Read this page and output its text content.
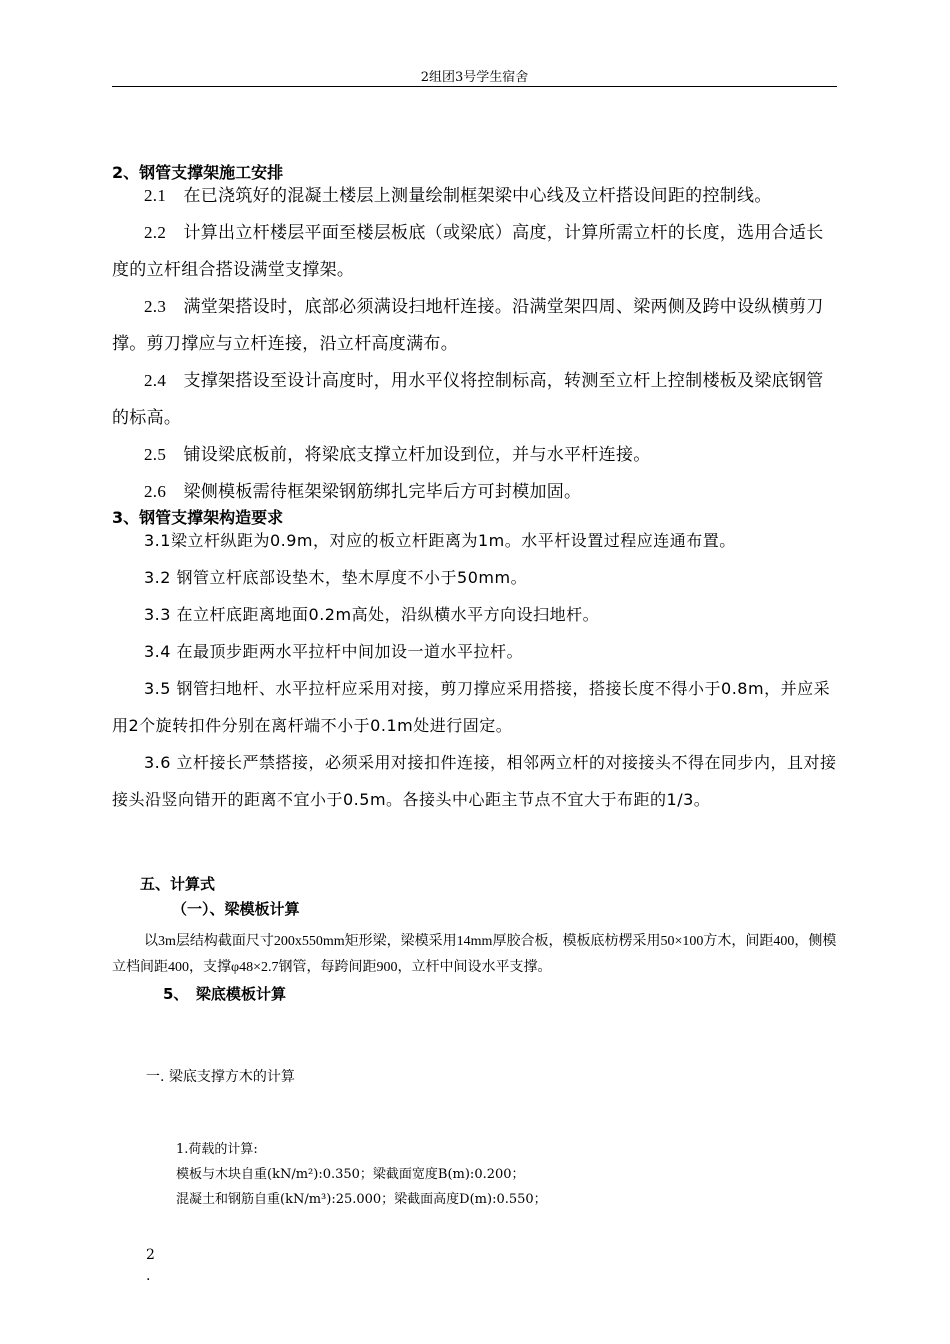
2组团3号学生宿舍
2、钢管支撑架施工安排
2.1　在已浇筑好的混凝土楼层上测量绘制框架梁中心线及立杆搭设间距的控制线。
2.2　计算出立杆楼层平面至楼层板底（或梁底）高度，计算所需立杆的长度，选用合适长度的立杆组合搭设满堂支撑架。
2.3　满堂架搭设时，底部必须满设扫地杆连接。沿满堂架四周、梁两侧及跨中设纵横剪刀撑。剪刀撑应与立杆连接，沿立杆高度满布。
2.4　支撑架搭设至设计高度时，用水平仪将控制标高，转测至立杆上控制楼板及梁底钢管的标高。
2.5　铺设梁底板前，将梁底支撑立杆加设到位，并与水平杆连接。
2.6　梁侧模板需待框架梁钢筋绑扎完毕后方可封模加固。
3、钢管支撑架构造要求
3.1梁立杆纵距为0.9m，对应的板立杆距离为1m。水平杆设置过程应连通布置。
3.2 钢管立杆底部设垫木，垫木厚度不小于50mm。
3.3 在立杆底距离地面0.2m高处，沿纵横水平方向设扫地杆。
3.4 在最顶步距两水平拉杆中间加设一道水平拉杆。
3.5 钢管扫地杆、水平拉杆应采用对接，剪刀撑应采用搭接，搭接长度不得小于0.8m，并应采用2个旋转扣件分别在离杆端不小于0.1m处进行固定。
3.6 立杆接长严禁搭接，必须采用对接扣件连接，相邻两立杆的对接接头不得在同步内，且对接接头沿竖向错开的距离不宜小于0.5m。各接头中心距主节点不宜大于布距的1/3。
五、计算式
（一）、梁模板计算
以3m层结构截面尺寸200x550mm矩形梁，梁模采用14mm厚胶合板，模板底枋楞采用50×100方木，间距400，侧模立档间距400，支撑φ48×2.7钢管，每跨间距900，立杆中间设水平支撑。
5、　梁底模板计算
一. 梁底支撑方木的计算
1.荷载的计算:
模板与木块自重(kN/m²):0.350；梁截面宽度B(m):0.200；
混凝土和钢筋自重(kN/m³):25.000；梁截面高度D(m):0.550；
2
.
